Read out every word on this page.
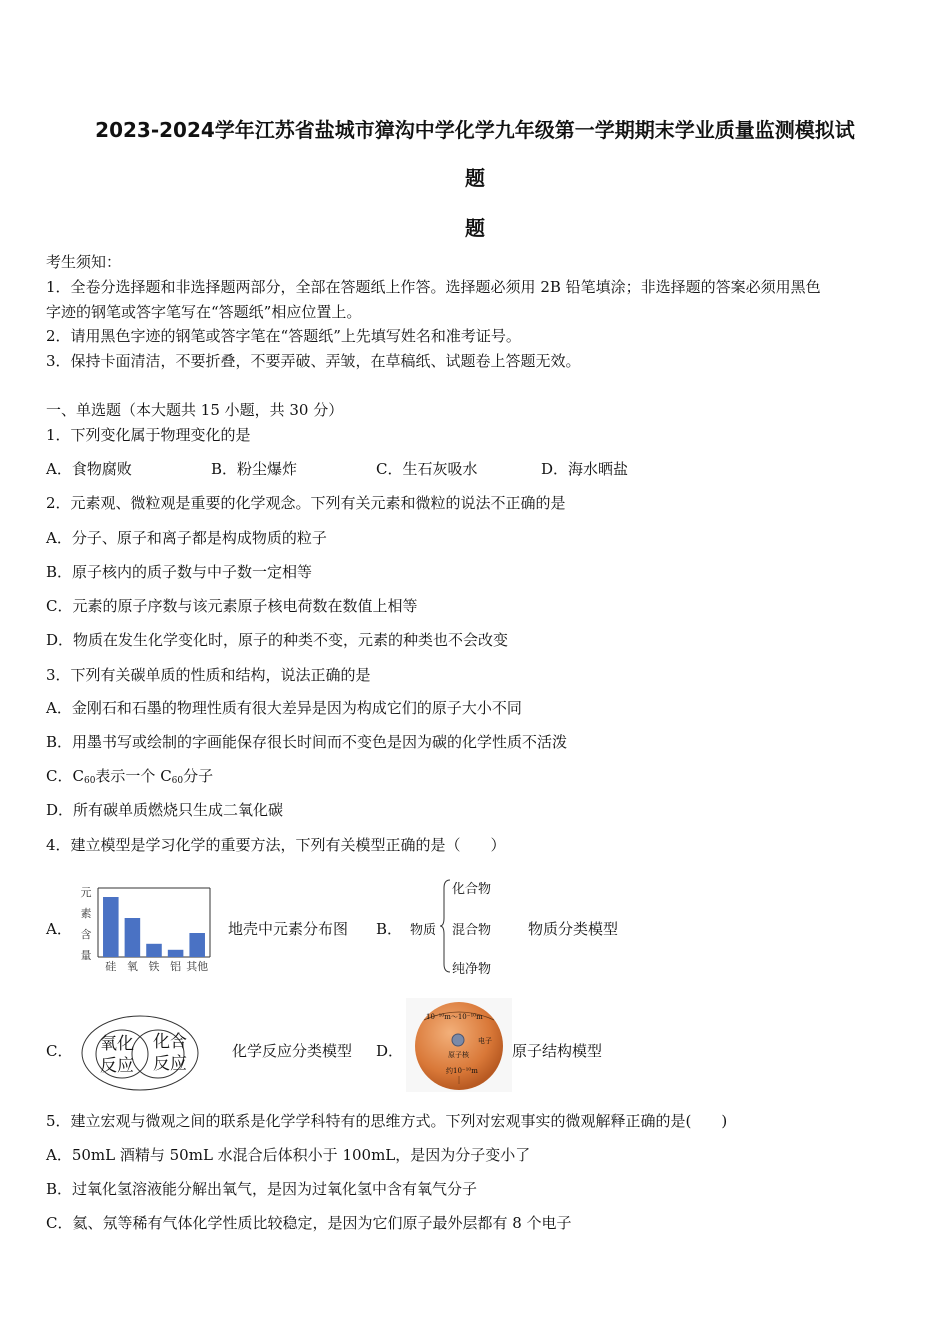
2023-2024学年江苏省盐城市獐沟中学化学九年级第一学期期末学业质量监测模拟试
题
题
考生须知：
1．全卷分选择题和非选择题两部分，全部在答题纸上作答。选择题必须用 2B 铅笔填涂；非选择题的答案必须用黑色
字迹的钢笔或答字笔写在“答题纸”相应位置上。
2．请用黑色字迹的钢笔或答字笔在“答题纸”上先填写姓名和准考证号。
3．保持卡面清洁，不要折叠，不要弄破、弄皱，在草稿纸、试题卷上答题无效。
一、单选题（本大题共 15 小题，共 30 分）
1．下列变化属于物理变化的是
A．食物腐败	B．粉尘爆炸	C．生石灰吸水	D．海水晒盐
2．元素观、微粒观是重要的化学观念。下列有关元素和微粒的说法不正确的是
A．分子、原子和离子都是构成物质的粒子
B．原子核内的质子数与中子数一定相等
C．元素的原子序数与该元素原子核电荷数在数值上相等
D．物质在发生化学变化时，原子的种类不变，元素的种类也不会改变
3．下列有关碳单质的性质和结构，说法正确的是
A．金刚石和石墨的物理性质有很大差异是因为构成它们的原子大小不同
B．用墨书写或绘制的字画能保存很长时间而不变色是因为碳的化学性质不活泼
C．$C_{60}$表示一个 $C_{60}$分子
D．所有碳单质燃烧只生成二氧化碳
4．建立模型是学习化学的重要方法，下列有关模型正确的是（　　）
A．
元
素
含
量
硅 氧 铁 铝 其他
地壳中元素分布图 B． 物质
化合物
混合物
纯净物
物质分类模型
C． 氧化
反应
化合
反应
化学反应分类模型 D．
10⁻¹⁰m～10⁻¹⁰m
原子核
电子
约10⁻¹⁰m
原子结构模型
5．建立宏观与微观之间的联系是化学学科特有的思维方式。下列对宏观事实的微观解释正确的是(　　)
A．50mL 酒精与 50mL 水混合后体积小于 100mL，是因为分子变小了
B．过氧化氢溶液能分解出氧气，是因为过氧化氢中含有氧气分子
C．氦、氖等稀有气体化学性质比较稳定，是因为它们原子最外层都有 8 个电子
